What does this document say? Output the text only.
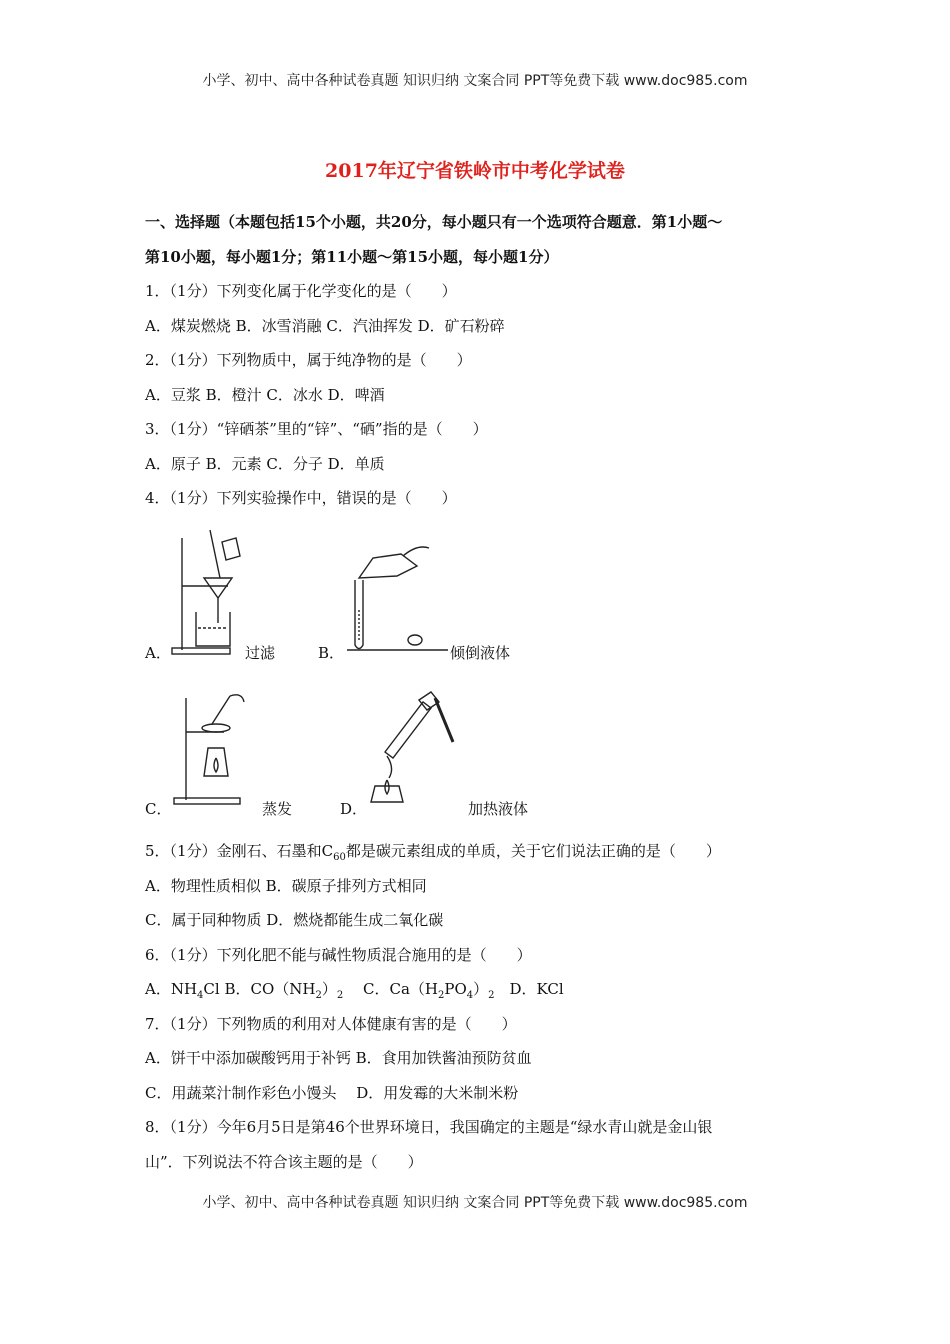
小学、初中、高中各种试卷真题 知识归纳 文案合同 PPT等免费下载 www.doc985.com
2017年辽宁省铁岭市中考化学试卷
一、选择题（本题包括15个小题，共20分，每小题只有一个选项符合题意．第1小题～
第10小题，每小题1分；第11小题～第15小题，每小题1分）
1．（1分）下列变化属于化学变化的是（　　）
A．煤炭燃烧 B．冰雪消融 C．汽油挥发 D．矿石粉碎
2．（1分）下列物质中，属于纯净物的是（　　）
A．豆浆 B．橙汁 C．冰水 D．啤酒
3．（1分）“锌硒茶”里的“锌”、“硒”指的是（　　）
A．原子 B．元素 C．分子 D．单质
4．（1分）下列实验操作中，错误的是（　　）
A．	过滤	B．	倾倒液体
C．	蒸发	D．	加热液体
5．（1分）金刚石、石墨和$C_{60}$都是碳元素组成的单质，关于它们说法正确的是（　　）
A．物理性质相似 B．碳原子排列方式相同
C．属于同种物质 D．燃烧都能生成二氧化碳
6．（1分）下列化肥不能与碱性物质混合施用的是（　　）
A．$NH_4Cl$ B．$CO(NH_2)_2$　 C．$Ca(H_2PO_4)_2$　D．KCl
7．（1分）下列物质的利用对人体健康有害的是（　　）
A．饼干中添加碳酸钙用于补钙 B．食用加铁酱油预防贫血
C．用蔬菜汁制作彩色小馒头　 D．用发霉的大米制米粉
8．（1分）今年6月5日是第46个世界环境日，我国确定的主题是“绿水青山就是金山银
山”．下列说法不符合该主题的是（　　）
小学、初中、高中各种试卷真题 知识归纳 文案合同 PPT等免费下载 www.doc985.com
